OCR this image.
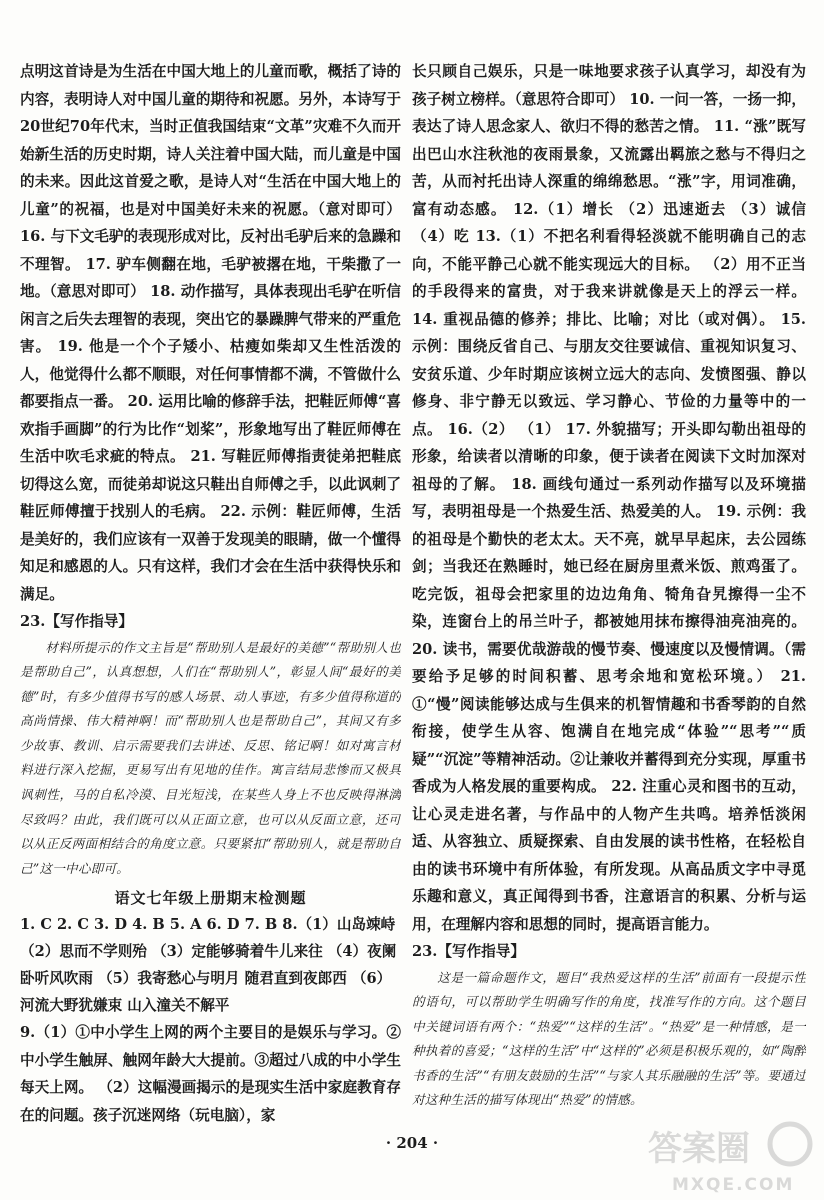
点明这首诗是为生活在中国大地上的儿童而歌，概括了诗的内容，表明诗人对中国儿童的期待和祝愿。另外，本诗写于20世纪70年代末，当时正值我国结束“文革”灾难不久而开始新生活的历史时期，诗人关注着中国大陆，而儿童是中国的未来。因此这首爱之歌，是诗人对“生活在中国大地上的儿童”的祝福，也是对中国美好未来的祝愿。（意对即可） 16. 与下文毛驴的表现形成对比，反衬出毛驴后来的急躁和不理智。 17. 驴车侧翻在地，毛驴被撂在地，干柴撒了一地。（意思对即可） 18. 动作描写，具体表现出毛驴在听信闲言之后失去理智的表现，突出它的暴躁脾气带来的严重危害。 19. 他是一个个子矮小、枯瘦如柴却又生性活泼的人，他觉得什么都不顺眼，对任何事情都不满，不管做什么都要指点一番。 20. 运用比喻的修辞手法，把鞋匠师傅“喜欢指手画脚”的行为比作“划桨”，形象地写出了鞋匠师傅在生活中吹毛求疵的特点。 21. 写鞋匠师傅指责徒弟把鞋底切得这么宽，而徒弟却说这只鞋出自师傅之手，以此讽刺了鞋匠师傅擅于找别人的毛病。 22. 示例：鞋匠师傅，生活是美好的，我们应该有一双善于发现美的眼睛，做一个懂得知足和感恩的人。只有这样，我们才会在生活中获得快乐和满足。

23.【写作指导】

材料所提示的作文主旨是“帮助别人是最好的美德”“帮助别人也是帮助自己”，认真想想，人们在“帮助别人”，彰显人间“最好的美德”时，有多少值得书写的感人场景、动人事迹，有多少值得称道的高尚情操、伟大精神啊！而“帮助别人也是帮助自己”，其间又有多少故事、教训、启示需要我们去讲述、反思、铭记啊！如对寓言材料进行深入挖掘，更易写出有见地的佳作。寓言结局悲惨而又极具讽刺性，马的自私冷漠、目光短浅，在某些人身上不也反映得淋漓尽致吗？由此，我们既可以从正面立意，也可以从反面立意，还可以从正反两面相结合的角度立意。只要紧扣“帮助别人，就是帮助自己”这一中心即可。

语文七年级上册期末检测题

1. C 2. C 3. D 4. B 5. A 6. D 7. B 8.（1）山岛竦峙 （2）思而不学则殆 （3）定能够骑着牛儿来往 （4）夜阑卧听风吹雨 （5）我寄愁心与明月 随君直到夜郎西 （6）河流大野犹嫌束 山入潼关不解平

9.（1）①中小学生上网的两个主要目的是娱乐与学习。②中小学生触屏、触网年龄大大提前。③超过八成的中小学生每天上网。 （2）这幅漫画揭示的是现实生活中家庭教育存在的问题。孩子沉迷网络（玩电脑），家

长只顾自己娱乐，只是一味地要求孩子认真学习，却没有为孩子树立榜样。（意思符合即可） 10. 一问一答，一扬一抑，表达了诗人思念家人、欲归不得的愁苦之情。 11. “涨”既写出巴山水注秋池的夜雨景象，又流露出羁旅之愁与不得归之苦，从而衬托出诗人深重的绵绵愁思。“涨”字，用词准确，富有动态感。 12.（1）增长 （2）迅速逝去 （3）诚信 （4）吃 13.（1）不把名利看得轻淡就不能明确自己的志向，不能平静己心就不能实现远大的目标。 （2）用不正当的手段得来的富贵，对于我来讲就像是天上的浮云一样。 14. 重视品德的修养；排比、比喻；对比（或对偶）。 15. 示例：围绕反省自己、与朋友交往要诚信、重视知识复习、安贫乐道、少年时期应该树立远大的志向、发愤图强、静以修身、非宁静无以致远、学习静心、节俭的力量等中的一点。 16.（2） （1） 17. 外貌描写；开头即勾勒出祖母的形象，给读者以清晰的印象，便于读者在阅读下文时加深对祖母的了解。 18. 画线句通过一系列动作描写以及环境描写，表明祖母是一个热爱生活、热爱美的人。 19. 示例：我的祖母是个勤快的老太太。天不亮，就早早起床，去公园练剑；当我还在熟睡时，她已经在厨房里煮米饭、煎鸡蛋了。吃完饭，祖母会把家里的边边角角、犄角旮旯擦得一尘不染，连窗台上的吊兰叶子，都被她用抹布擦得油亮油亮的。 20. 读书，需要优哉游哉的慢节奏、慢速度以及慢情调。（需要给予足够的时间积蓄、思考余地和宽松环境。） 21. ①“慢”阅读能够达成与生俱来的机智情趣和书香琴韵的自然衔接，使学生从容、饱满自在地完成“体验”“思考”“质疑”“沉淀”等精神活动。②让兼收并蓄得到充分实现，厚重书香成为人格发展的重要构成。 22. 注重心灵和图书的互动，让心灵走进名著，与作品中的人物产生共鸣。培养恬淡闲适、从容独立、质疑探索、自由发展的读书性格，在轻松自由的读书环境中有所体验，有所发现。从高品质文字中寻觅乐趣和意义，真正闻得到书香，注意语言的积累、分析与运用，在理解内容和思想的同时，提高语言能力。

23.【写作指导】

这是一篇命题作文，题目“我热爱这样的生活”前面有一段提示性的语句，可以帮助学生明确写作的角度，找准写作的方向。这个题目中关键词语有两个：“热爱”“这样的生活”。“热爱”是一种情感，是一种执着的喜爱；“这样的生活”中“这样的”必须是积极乐观的，如“陶醉书香的生活”“有朋友鼓励的生活”“与家人其乐融融的生活”等。要通过对这种生活的描写体现出“热爱”的情感。

· 204 ·	答案圈
MXQE.COM
